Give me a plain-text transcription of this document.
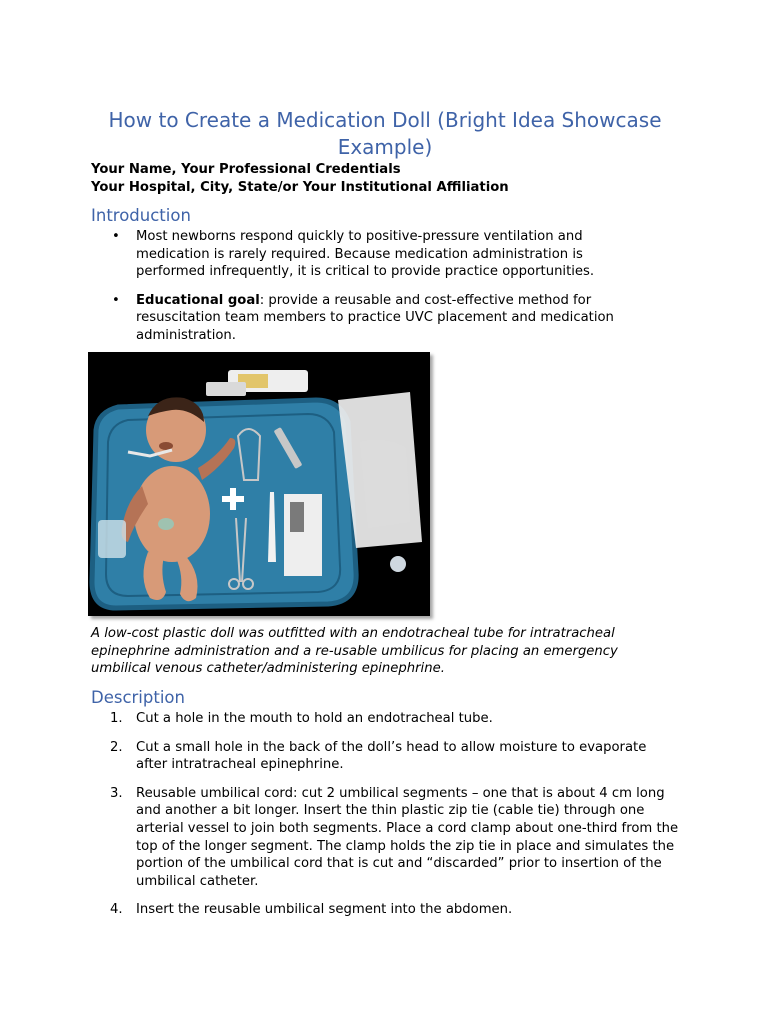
How to Create a Medication Doll (Bright Idea Showcase Example)
Your Name, Your Professional Credentials
Your Hospital, City, State/or Your Institutional Affiliation
Introduction
• Most newborns respond quickly to positive-pressure ventilation and medication is rarely required. Because medication administration is performed infrequently, it is critical to provide practice opportunities.
• Educational goal: provide a reusable and cost-effective method for resuscitation team members to practice UVC placement and medication administration.
A low-cost plastic doll was outfitted with an endotracheal tube for intratracheal epinephrine administration and a re-usable umbilicus for placing an emergency umbilical venous catheter/administering epinephrine.
Description
1. Cut a hole in the mouth to hold an endotracheal tube.
2. Cut a small hole in the back of the doll’s head to allow moisture to evaporate after intratracheal epinephrine.
3. Reusable umbilical cord: cut 2 umbilical segments – one that is about 4 cm long and another a bit longer. Insert the thin plastic zip tie (cable tie) through one arterial vessel to join both segments. Place a cord clamp about one-third from the top of the longer segment. The clamp holds the zip tie in place and simulates the portion of the umbilical cord that is cut and “discarded” prior to insertion of the umbilical catheter.
4. Insert the reusable umbilical segment into the abdomen.
